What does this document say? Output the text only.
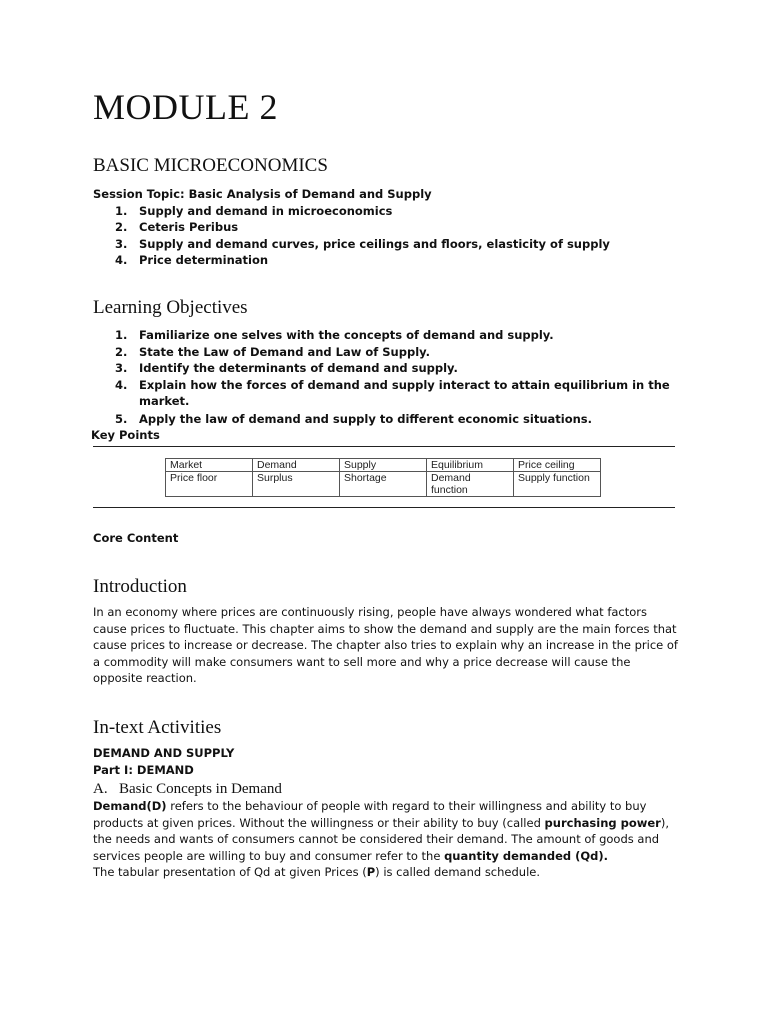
MODULE 2
BASIC MICROECONOMICS
Session Topic: Basic Analysis of Demand and Supply
1. Supply and demand in microeconomics
2. Ceteris Peribus
3. Supply and demand curves, price ceilings and floors, elasticity of supply
4. Price determination
Learning Objectives
1. Familiarize one selves with the concepts of demand and supply.
2. State the Law of Demand and Law of Supply.
3. Identify the determinants of demand and supply.
4. Explain how the forces of demand and supply interact to attain equilibrium in the market.
5. Apply the law of demand and supply to different economic situations.
Key Points
Market	Demand	Supply	Equilibrium	Price ceiling
Price floor	Surplus	Shortage	Demand function	Supply function
Core Content
Introduction

In an economy where prices are continuously rising, people have always wondered what factors cause prices to fluctuate. This chapter aims to show the demand and supply are the main forces that cause prices to increase or decrease. The chapter also tries to explain why an increase in the price of a commodity will make consumers want to sell more and why a price decrease will cause the opposite reaction.

In-text Activities
DEMAND AND SUPPLY
Part I: DEMAND
A. Basic Concepts in Demand

Demand(D) refers to the behaviour of people with regard to their willingness and ability to buy products at given prices. Without the willingness or their ability to buy (called purchasing power), the needs and wants of consumers cannot be considered their demand. The amount of goods and services people are willing to buy and consumer refer to the quantity demanded (Qd).
The tabular presentation of Qd at given Prices (P) is called demand schedule.
